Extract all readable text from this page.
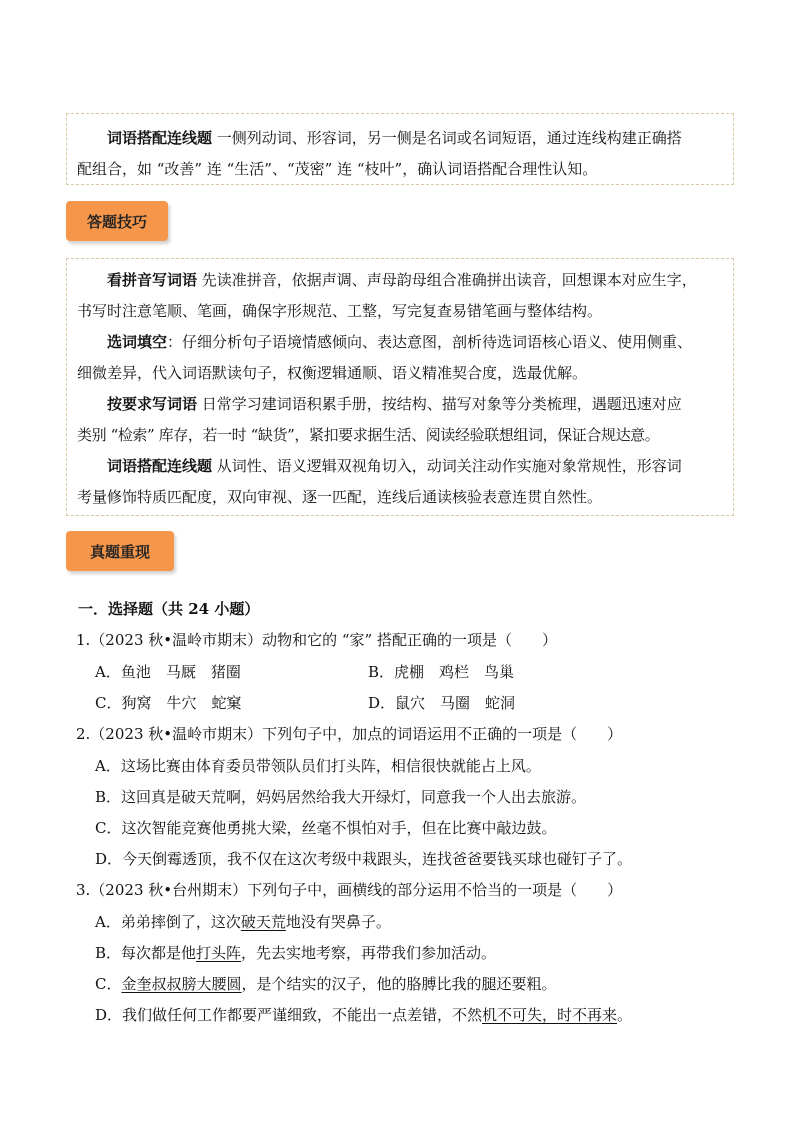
词语搭配连线题 一侧列动词、形容词，另一侧是名词或名词短语，通过连线构建正确搭

配组合，如 “改善” 连 “生活”、“茂密” 连 “枝叶”，确认词语搭配合理性认知。

答题技巧

看拼音写词语 先读准拼音，依据声调、声母韵母组合准确拼出读音，回想课本对应生字，

书写时注意笔顺、笔画，确保字形规范、工整，写完复查易错笔画与整体结构。

选词填空：仔细分析句子语境情感倾向、表达意图，剖析待选词语核心语义、使用侧重、

细微差异，代入词语默读句子，权衡逻辑通顺、语义精准契合度，选最优解。

按要求写词语 日常学习建词语积累手册，按结构、描写对象等分类梳理，遇题迅速对应

类别 “检索” 库存，若一时 “缺货”，紧扣要求据生活、阅读经验联想组词，保证合规达意。

词语搭配连线题 从词性、语义逻辑双视角切入，动词关注动作实施对象常规性，形容词

考量修饰特质匹配度，双向审视、逐一匹配，连线后通读核验表意连贯自然性。

真题重现
一．选择题（共 24 小题）
1.（2023 秋•温岭市期末）动物和它的 “家” 搭配正确的一项是（　　）
A．鱼池　马厩　猪圈	B．虎棚　鸡栏　鸟巢
C．狗窝　牛穴　蛇窠	D．鼠穴　马圈　蛇洞
2.（2023 秋•温岭市期末）下列句子中，加点的词语运用不正确的一项是（　　）
A．这场比赛由体育委员带领队员们打头阵，相信很快就能占上风。
B．这回真是破天荒啊，妈妈居然给我大开绿灯，同意我一个人出去旅游。
C．这次智能竞赛他勇挑大梁，丝毫不惧怕对手，但在比赛中敲边鼓。
D．今天倒霉透顶，我不仅在这次考级中栽跟头，连找爸爸要钱买球也碰钉子了。
3.（2023 秋•台州期末）下列句子中，画横线的部分运用不恰当的一项是（　　）
A．弟弟摔倒了，这次破天荒地没有哭鼻子。
B．每次都是他打头阵，先去实地考察，再带我们参加活动。
C．金奎叔叔膀大腰圆，是个结实的汉子，他的胳膊比我的腿还要粗。
D．我们做任何工作都要严谨细致，不能出一点差错，不然机不可失，时不再来。
